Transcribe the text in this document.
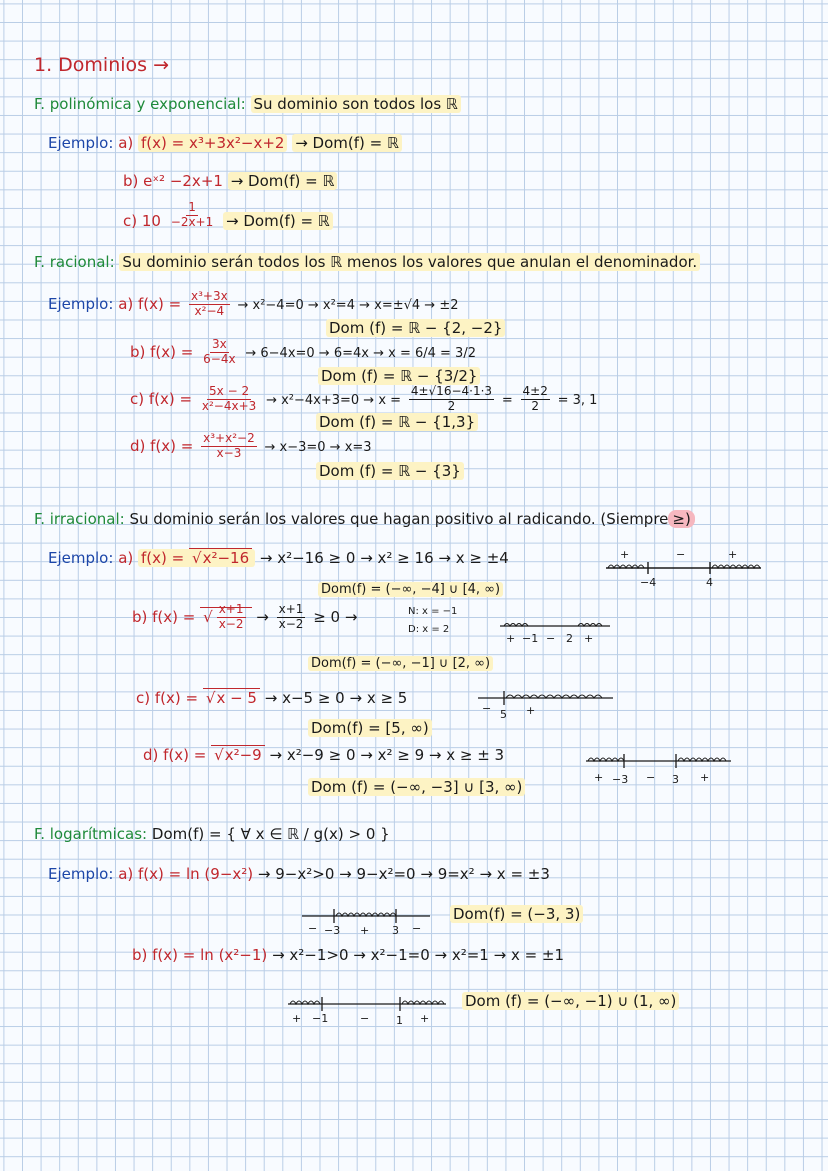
1. Dominios →
F. polinómica y exponencial: Su dominio son todos los ℝ
Ejemplo: a) f(x) = x³+3x²−x+2 → Dom(f) = ℝ
b) eˣ² −2x+1 → Dom(f) = ℝ
c) $10 \frac{1}{-2x+1} \to Dom(f)$ = ℝ
F. racional: Su dominio serán todos los ℝ menos los valores que anulan el denominador.
Ejemplo: a) $f(x) = \frac{\text{x³+3x}}{\text{x²−4}} \to x^2-4=0 \to x^2=4 \to x=\pm√4 \to \pm 2$
Dom (f) = ℝ − {2, −2}
b) $f(x) = \frac{3x}{6-4x} \to 6-4x=0 \to 6=4x \to x = 6/4 = 3/2$
Dom (f) = ℝ − {3/2}
c) $f(x) = \frac{5x - 2}{\text{x²−4x+3}} \to x^2-4x+3=0 \to x = \frac{4\pm√16-4\cdot 1\cdot 3}{2} = \frac{4\pm 2}{2} = 3$, 1
Dom (f) = ℝ − {1,3}
d) $f(x) = \frac{\text{x³+x²−2}}{x-3} \to x-3=0 \to x=3$
Dom (f) = ℝ − {3}
F. irracional: Su dominio serán los valores que hagan positivo al radicando. (Siempre ≥)
Ejemplo: a) f(x) = √ x²−16 → x²−16 ≥ 0 → x² ≥ 16 → x ≥ ±4
Dom(f) = (−∞, −4] ∪ [4, ∞)
+	−	+
−4	4
b) f(x) = √ $\frac{x+1}{x-2} \to \frac{x+1}{x-2} \ge 0$ →	N: x = −1
D: x = 2
+ −1 − 2 +
Dom(f) = (−∞, −1] ∪ [2, ∞)
c) f(x) = √ x − 5 → x−5 ≥ 0 → x ≥ 5
− 5 +
Dom(f) = [5, ∞)
d) f(x) = √ x²−9 → x²−9 ≥ 0 → x² ≥ 9 → x ≥ ± 3
+ −3 − 3 +
Dom (f) = (−∞, −3] ∪ [3, ∞)
F. logarítmicas: Dom(f) = { ∀ x ∈ ℝ / g(x) > 0 }
Ejemplo: a) f(x) = ln (9−x²) → 9−x²>0 → 9−x²=0 → 9=x² → x = ±3
− −3 + 3 −
Dom(f) = (−3, 3)
b) f(x) = ln (x²−1) → x²−1>0 → x²−1=0 → x²=1 → x = ±1
+ −1	− 1 +
Dom (f) = (−∞, −1) ∪ (1, ∞)
